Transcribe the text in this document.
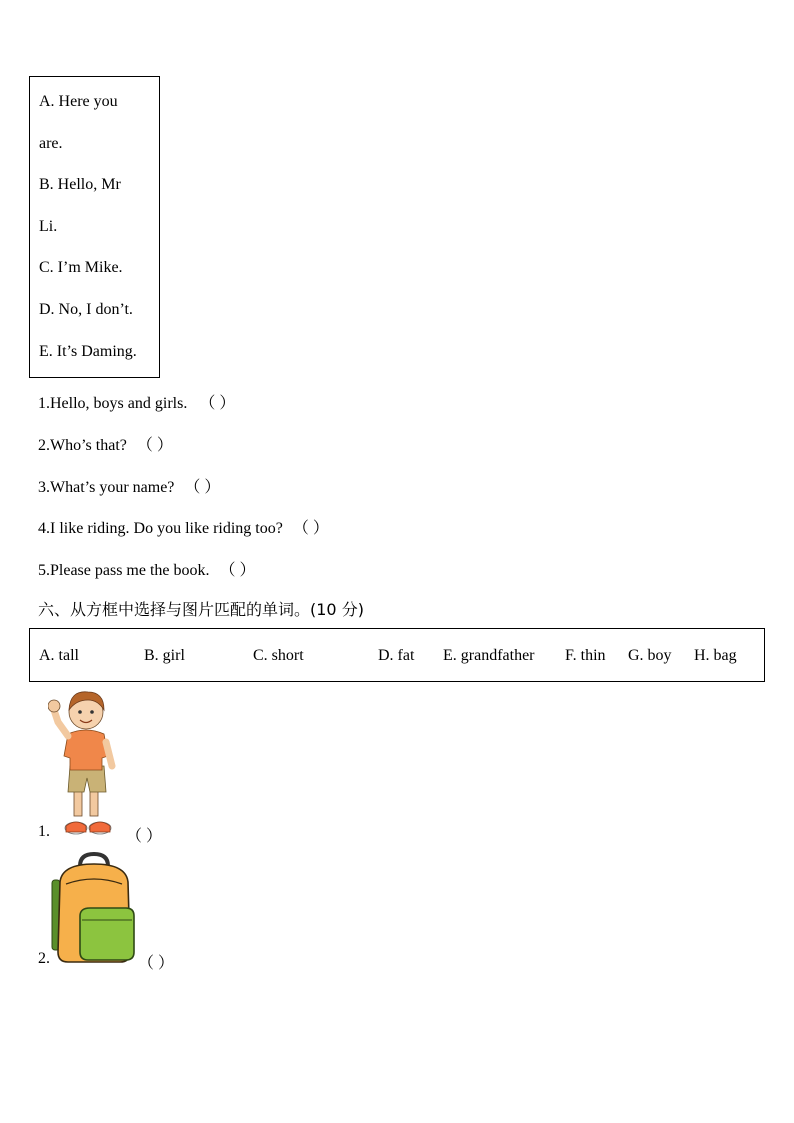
A. Here you
are.
B. Hello, Mr
Li.
C. I’m Mike.
D. No, I don’t.
E. It’s Daming.
1.Hello, boys and girls. （ ）
2.Who’s that? （ ）
3.What’s your name? （ ）
4.I like riding. Do you like riding too? （ ）
5.Please pass me the book. （ ）
六、从方框中选择与图片匹配的单词。(10 分)
A. tall	B. girl	C. short	D. fat E. grandfather F. thin G. boy H. bag
1.	（ ）
2.	（ ）
